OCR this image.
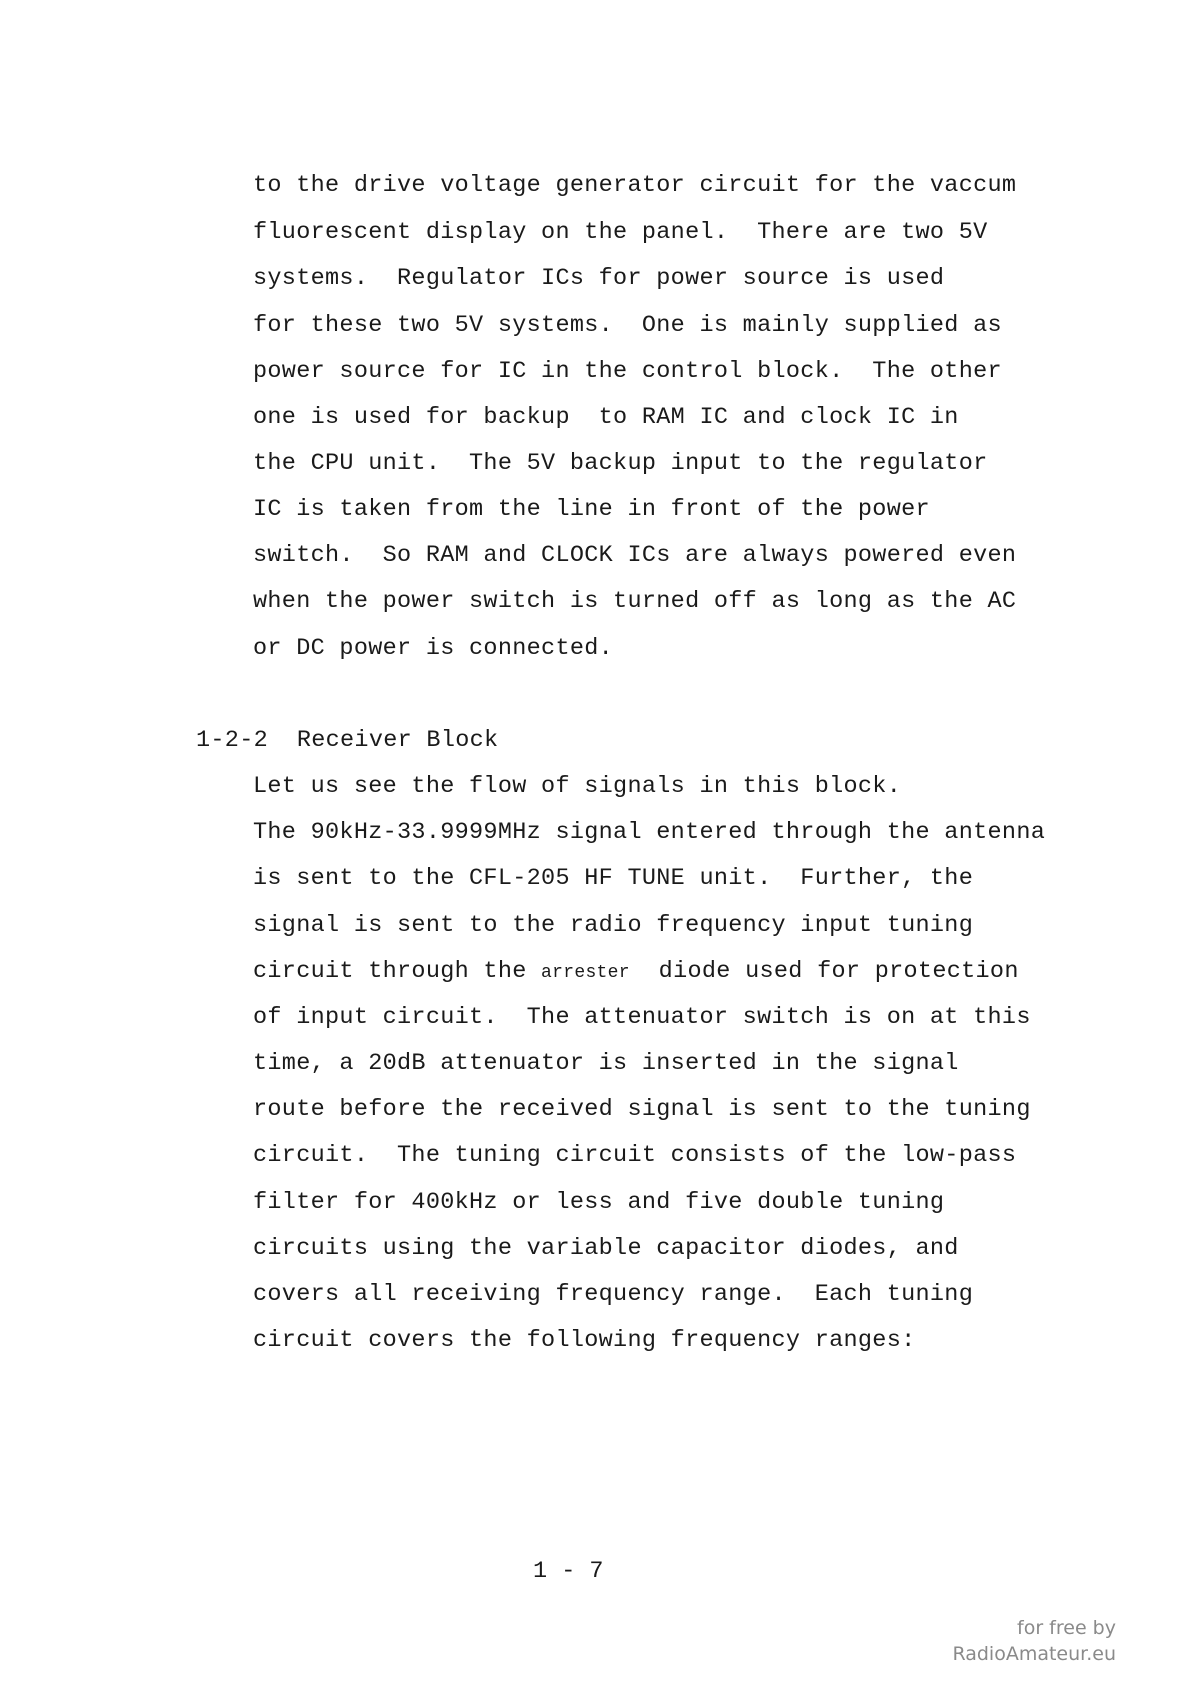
to the drive voltage generator circuit for the vaccum
fluorescent display on the panel.  There are two 5V
systems.  Regulator ICs for power source is used
for these two 5V systems.  One is mainly supplied as
power source for IC in the control block.  The other
one is used for backup  to RAM IC and clock IC in
the CPU unit.  The 5V backup input to the regulator
IC is taken from the line in front of the power
switch.  So RAM and CLOCK ICs are always powered even
when the power switch is turned off as long as the AC
or DC power is connected.
1-2-2  Receiver Block
Let us see the flow of signals in this block.
The 90kHz-33.9999MHz signal entered through the antenna
is sent to the CFL-205 HF TUNE unit.  Further, the
signal is sent to the radio frequency input tuning
circuit through the arrester  diode used for protection
of input circuit.  The attenuator switch is on at this
time, a 20dB attenuator is inserted in the signal
route before the received signal is sent to the tuning
circuit.  The tuning circuit consists of the low-pass
filter for 400kHz or less and five double tuning
circuits using the variable capacitor diodes, and
covers all receiving frequency range.  Each tuning
circuit covers the following frequency ranges:
1 - 7
for free by
RadioAmateur.eu
